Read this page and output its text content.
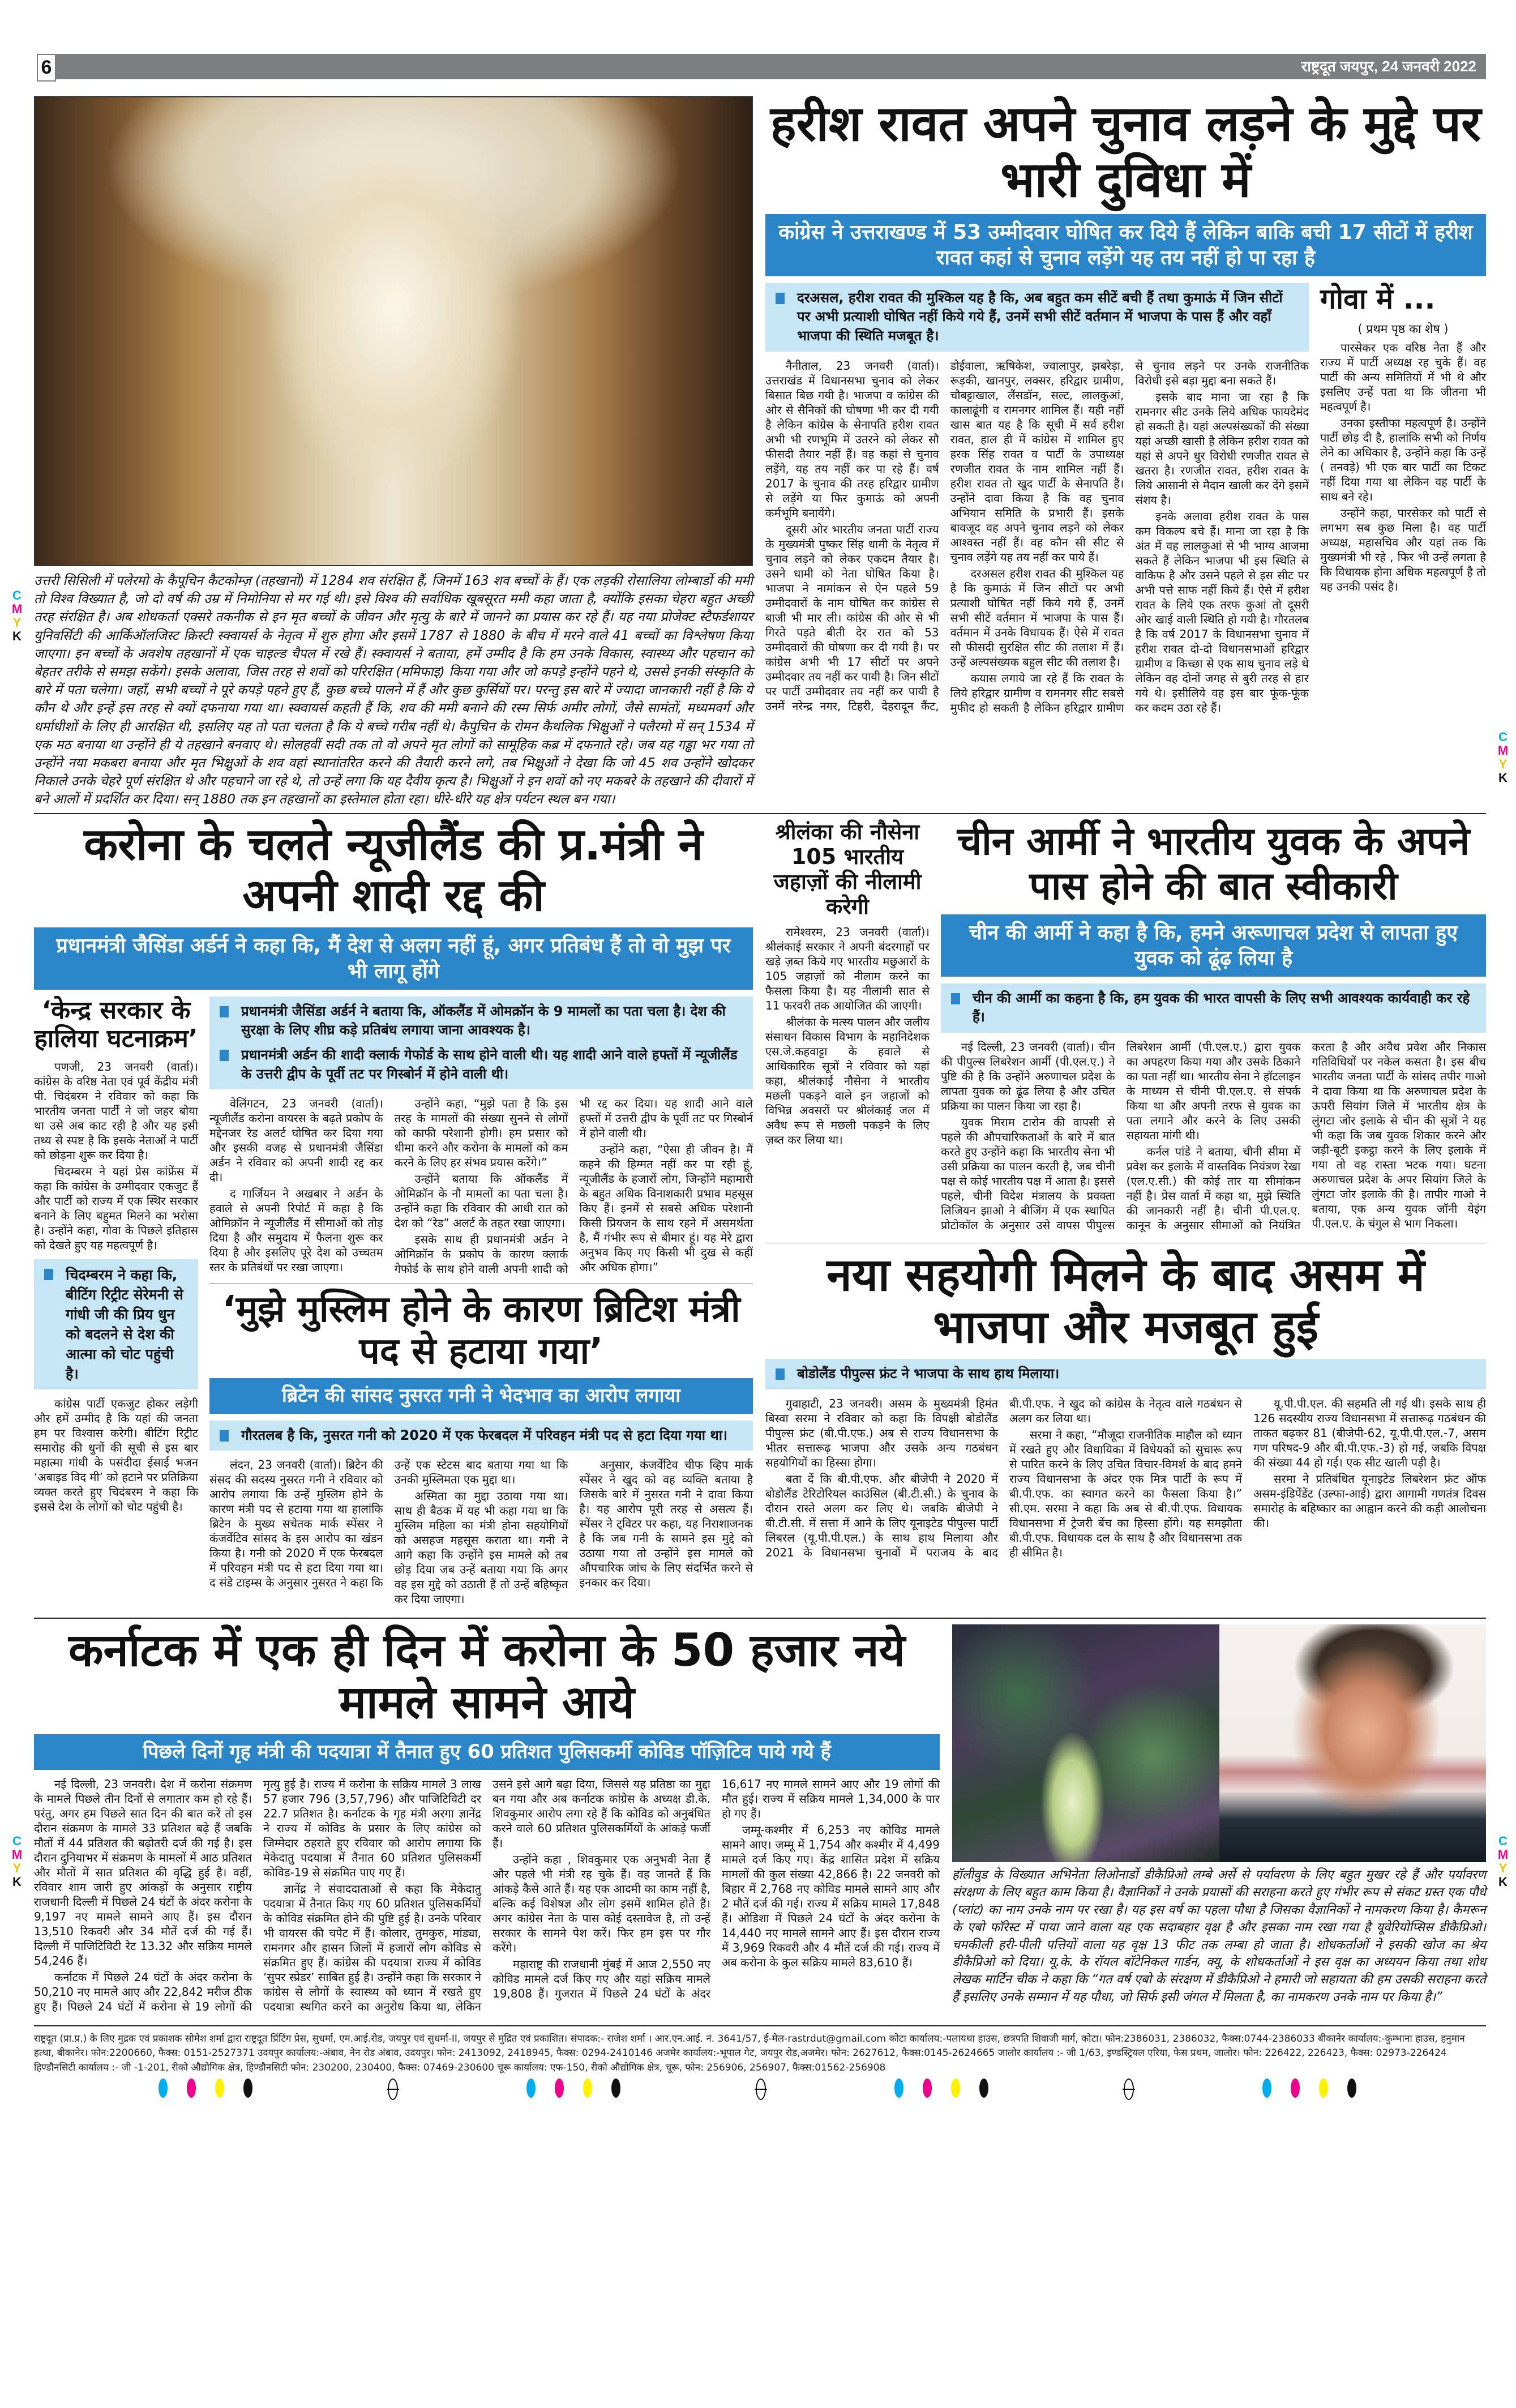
6	राष्ट्रदूत जयपुर, 24 जनवरी 2022
C
M
Y
K
C
M
Y
K
C
M
Y
K
C
M
Y
K
उत्तरी सिसिली में पलेरमो के कैपूचिन कैटकोम्ज़ (तहखानों) में 1284 शव संरक्षित हैं, जिनमें 163 शव बच्चों के हैं। एक लड़की रोसालिया लोम्बार्डो की ममी तो विश्व विख्यात है, जो दो वर्ष की उम्र में निमोनिया से मर गई थी। इसे विश्व की सर्वाधिक खूबसूरत ममी कहा जाता है, क्योंकि इसका चेहरा बहुत अच्छी तरह संरक्षित है। अब शोधकर्ता एक्सरे तकनीक से इन मृत बच्चों के जीवन और मृत्यु के बारे में जानने का प्रयास कर रहे हैं। यह नया प्रोजेक्ट स्टैफर्डशायर युनिवर्सिटी की आर्किऑलजिस्ट क्रिस्टी स्क्वायर्स के नेतृत्व में शुरु होगा और इसमें 1787 से 1880 के बीच में मरने वाले 41 बच्चों का विश्लेषण किया जाएगा। इन बच्चों के अवशेष तहखानों में एक चाइल्ड चैपल में रखे हैं। स्क्वायर्स ने बताया, हमें उम्मीद है कि हम उनके विकास, स्वास्थ्य और पहचान को बेहतर तरीके से समझ सकेंगे। इसके अलावा, जिस तरह से शवों को परिरक्षित (ममिफाइ) किया गया और जो कपड़े इन्होंने पहने थे, उससे इनकी संस्कृति के बारे में पता चलेगा। जहाँ, सभी बच्चों ने पूरे कपड़े पहने हुए हैं, कुछ बच्चे पालने में हैं और कुछ कुर्सियों पर। परन्तु इस बारे में ज्यादा जानकारी नहीं है कि ये कौन थे और इन्हें इस तरह से क्यों दफनाया गया था। स्क्वायर्स कहती हैं कि, शव की ममी बनाने की रस्म सिर्फ अमीर लोगों, जैसे सामंतों, मध्यमवर्ग और धर्माधीशों के लिए ही आरक्षित थी, इसलिए यह तो पता चलता है कि ये बच्चे गरीब नहीं थे। कैपुचिन के रोमन कैथलिक भिक्षुओं ने पलैरमो में सन् 1534 में एक मठ बनाया था उन्होंने ही ये तहखाने बनवाए थे। सोलहवीं सदी तक तो वो अपने मृत लोगों को सामूहिक कब्र में दफनाते रहे। जब यह गड्ढा भर गया तो उन्होंने नया मकबरा बनाया और मृत भिक्षुओं के शव वहां स्थानांतरित करने की तैयारी करने लगे, तब भिक्षुओं ने देखा कि जो 45 शव उन्होंने खोदकर निकाले उनके चेहरे पूर्ण संरक्षित थे और पहचाने जा रहे थे, तो उन्हें लगा कि यह दैवीय कृत्य है। भिक्षुओं ने इन शवों को नए मकबरे के तहखाने की दीवारों में बने आलों में प्रदर्शित कर दिया। सन् 1880 तक इन तहखानों का इस्तेमाल होता रहा। धीरे-धीरे यह क्षेत्र पर्यटन स्थल बन गया।
हरीश रावत अपने चुनाव लड़ने के मुद्दे पर भारी दुविधा में
कांग्रेस ने उत्तराखण्ड में 53 उम्मीदवार घोषित कर दिये हैं लेकिन बाकि बची 17 सीटों में हरीश रावत कहां से चुनाव लड़ेंगे यह तय नहीं हो पा रहा है
दरअसल, हरीश रावत की मुश्किल यह है कि, अब बहुत कम सीटें बची हैं तथा कुमाऊं में जिन सीटों पर अभी प्रत्याशी घोषित नहीं किये गये हैं, उनमें सभी सीटें वर्तमान में भाजपा के पास हैं और वहाँ भाजपा की स्थिति मजबूत है।

नैनीताल, 23 जनवरी (वार्ता)। उत्तराखंड में विधानसभा चुनाव को लेकर बिसात बिछ गयी है। भाजपा व कांग्रेस की ओर से सैनिकों की घोषणा भी कर दी गयी है लेकिन कांग्रेस के सेनापति हरीश रावत अभी भी रणभूमि में उतरने को लेकर सौ फीसदी तैयार नहीं हैं। वह कहां से चुनाव लड़ेंगे, यह तय नहीं कर पा रहे हैं। वर्ष 2017 के चुनाव की तरह हरिद्वार ग्रामीण से लड़ेंगे या फिर कुमाऊं को अपनी कर्मभूमि बनायेंगे।

दूसरी ओर भारतीय जनता पार्टी राज्य के मुख्यमंत्री पुष्कर सिंह धामी के नेतृत्व में चुनाव लड़ने को लेकर एकदम तैयार है। उसने धामी को नेता घोषित किया है। भाजपा ने नामांकन से ऐन पहले 59 उम्मीदवारों के नाम घोषित कर कांग्रेस से बाजी भी मार ली। कांग्रेस की ओर से भी गिरते पड़ते बीती देर रात को 53 उम्मीदवारों की घोषणा कर दी गयी है। पर कांग्रेस अभी भी 17 सीटों पर अपने उम्मीदवार तय नहीं कर पायी है। जिन सीटों पर पार्टी उम्मीदवार तय नहीं कर पायी है उनमें नरेन्द्र नगर, टिहरी, देहरादून कैंट, डोईवाला, ऋषिकेश, ज्वालापुर, झबरेड़ा, रूड़की, खानपुर, लक्सर, हरिद्वार ग्रामीण, चौबट्टाखाल, लैंसडॉन, सल्ट, लालकुआं, कालाढूंगी व रामनगर शामिल हैं। यही नहीं खास बात यह है कि सूची में सर्व हरीश रावत, हाल ही में कांग्रेस में शामिल हुए हरक सिंह रावत व पार्टी के उपाध्यक्ष रणजीत रावत के नाम शामिल नहीं हैं। हरीश रावत तो खुद पार्टी के सेनापति हैं। उन्होंने दावा किया है कि वह चुनाव अभियान समिति के प्रभारी हैं। इसके बावजूद वह अपने चुनाव लड़ने को लेकर आश्वस्त नहीं हैं। वह कौन सी सीट से चुनाव लड़ेंगे यह तय नहीं कर पाये हैं।

दरअसल हरीश रावत की मुश्किल यह है कि कुमाऊं में जिन सीटों पर अभी प्रत्याशी घोषित नहीं किये गये हैं, उनमें सभी सीटें वर्तमान में भाजपा के पास हैं। वर्तमान में उनके विधायक हैं। ऐसे में रावत सौ फीसदी सुरक्षित सीट की तलाश में हैं। उन्हें अल्पसंख्यक बहुल सीट की तलाश है।

कयास लगाये जा रहे हैं कि रावत के लिये हरिद्वार ग्रामीण व रामनगर सीट सबसे मुफीद हो सकती है लेकिन हरिद्वार ग्रामीण से चुनाव लड़ने पर उनके राजनीतिक विरोधी इसे बड़ा मुद्दा बना सकते हैं।

इसके बाद माना जा रहा है कि रामनगर सीट उनके लिये अधिक फायदेमंद हो सकती है। यहां अल्पसंख्यकों की संख्या यहां अच्छी खासी है लेकिन हरीश रावत को यहां से अपने धुर विरोधी रणजीत रावत से खतरा है। रणजीत रावत, हरीश रावत के लिये आसानी से मैदान खाली कर देंगे इसमें संशय है।

इनके अलावा हरीश रावत के पास कम विकल्प बचे हैं। माना जा रहा है कि अंत में वह लालकुआं से भी भाग्य आजमा सकते हैं लेकिन भाजपा भी इस स्थिति से वाकिफ है और उसने पहले से इस सीट पर अभी पत्ते साफ नहीं किये हैं। ऐसे में हरीश रावत के लिये एक तरफ कुआं तो दूसरी ओर खाई वाली स्थिति हो गयी है। गौरतलब है कि वर्ष 2017 के विधानसभा चुनाव में हरीश रावत दो-दो विधानसभाओं हरिद्वार ग्रामीण व किच्छा से एक साथ चुनाव लड़े थे लेकिन वह दोनों जगह से बुरी तरह से हार गये थे। इसीलिये वह इस बार फूंक-फूंक कर कदम उठा रहे हैं।

गोवा में ...
( प्रथम पृष्ठ का शेष )

पारसेकर एक वरिष्ठ नेता हैं और राज्य में पार्टी अध्यक्ष रह चुके हैं। वह पार्टी की अन्य समितियों में भी थे और इसलिए उन्हें पता था कि जीतना भी महत्वपूर्ण है।

उनका इस्तीफा महत्वपूर्ण है। उन्होंने पार्टी छोड़ दी है, हालांकि सभी को निर्णय लेने का अधिकार है, उन्होंने कहा कि उन्हें ( तनवड़े) भी एक बार पार्टी का टिकट नहीं दिया गया था लेकिन वह पार्टी के साथ बने रहे।

उन्होंने कहा, पारसेकर को पार्टी से लगभग सब कुछ मिला है। वह पार्टी अध्यक्ष, महासचिव और यहां तक कि मुख्यमंत्री भी रहे , फिर भी उन्हें लगता है कि विधायक होना अधिक महत्वपूर्ण है तो यह उनकी पसंद है।

करोना के चलते न्यूजीलैंड की प्र.मंत्री ने अपनी शादी रद्द की
प्रधानमंत्री जैसिंडा अर्डर्न ने कहा कि, मैं देश से अलग नहीं हूं, अगर प्रतिबंध हैं तो वो मुझ पर भी लागू होंगे
‘केन्द्र सरकार के हालिया घटनाक्रम’

पणजी, 23 जनवरी (वार्ता)। कांग्रेस के वरिष्ठ नेता एवं पूर्व केंद्रीय मंत्री पी. चिदंबरम ने रविवार को कहा कि भारतीय जनता पार्टी ने जो जहर बोया था उसे अब काट रही है और यह इसी तथ्य से स्पष्ट है कि इसके नेताओं ने पार्टी को छोड़ना शुरू कर दिया है।

चिदम्बरम ने यहां प्रेस कांफ्रेंस में कहा कि कांग्रेस के उम्मीदवार एकजुट हैं और पार्टी को राज्य में एक स्थिर सरकार बनाने के लिए बहुमत मिलने का भरोसा है। उन्होंने कहा, गोवा के पिछले इतिहास को देखते हुए यह महत्वपूर्ण है।

चिदम्बरम ने कहा कि, बीटिंग रिट्रीट सेरेमनी से गांधी जी की प्रिय धुन को बदलने से देश की आत्मा को चोट पहुंची है।

कांग्रेस पार्टी एकजुट होकर लड़ेगी और हमें उम्मीद है कि यहां की जनता हम पर विश्वास करेगी। बीटिंग रिट्रीट समारोह की धुनों की सूची से इस बार महात्मा गांधी के पसंदीदा ईसाई भजन ‘अबाइड विद मी’ को हटाने पर प्रतिक्रिया व्यक्त करते हुए चिदंबरम ने कहा कि इससे देश के लोगों को चोट पहुंची है।

प्रधानमंत्री जैसिंडा अर्डर्न ने बताया कि, ऑकलैंड में ओमक्रॉन के 9 मामलों का पता चला है। देश की सुरक्षा के लिए शीघ्र कड़े प्रतिबंध लगाया जाना आवश्यक है।
प्रधानमंत्री अर्डन की शादी क्लार्क गेफोर्ड के साथ होने वाली थी। यह शादी आने वाले हफ्तों में न्यूजीलैंड के उत्तरी द्वीप के पूर्वी तट पर गिस्बोर्न में होने वाली थी।

वेलिंगटन, 23 जनवरी (वार्ता)। न्यूजीलैंड करोना वायरस के बढ़ते प्रकोप के मद्देनजर रेड अलर्ट घोषित कर दिया गया और इसकी वजह से प्रधानमंत्री जैसिंडा अर्डन ने रविवार को अपनी शादी रद्द कर दी।

द गार्जियन ने अखबार ने अर्डन के हवाले से अपनी रिपोर्ट में कहा है कि ओमिक्रॉन ने न्यूजीलैंड में सीमाओं को तोड़ दिया है और समुदाय में फैलना शुरू कर दिया है और इसलिए पूरे देश को उच्चतम स्तर के प्रतिबंधों पर रखा जाएगा।

उन्होंने कहा, “मुझे पता है कि इस तरह के मामलों की संख्या सुनने से लोगों को काफी परेशानी होगी। हम प्रसार को धीमा करने और करोना के मामलों को कम करने के लिए हर संभव प्रयास करेंगे।”

उन्होंने बताया कि ऑकलैंड में ओमिक्रॉन के नौ मामलों का पता चला है। उन्होंने कहा कि रविवार की आधी रात को देश को “रेड” अलर्ट के तहत रखा जाएगा।

इसके साथ ही प्रधानमंत्री अर्डन ने ओमिक्रॉन के प्रकोप के कारण क्लार्क गेफोर्ड के साथ होने वाली अपनी शादी को भी रद्द कर दिया। यह शादी आने वाले हफ्तों में उत्तरी द्वीप के पूर्वी तट पर गिस्बोर्न में होने वाली थी।

उन्होंने कहा, “ऐसा ही जीवन है। मैं कहने की हिम्मत नहीं कर पा रही हूं, न्यूजीलैंड के हजारों लोग, जिन्होंने महामारी के बहुत अधिक विनाशकारी प्रभाव महसूस किए हैं। इनमें से सबसे अधिक परेशानी किसी प्रियजन के साथ रहने में असमर्थता है, मैं गंभीर रूप से बीमार हूं। यह मेरे द्वारा अनुभव किए गए किसी भी दुख से कहीं और अधिक होगा।”

‘मुझे मुस्लिम होने के कारण ब्रिटिश मंत्री पद से हटाया गया’
ब्रिटेन की सांसद नुसरत गनी ने भेदभाव का आरोप लगाया
गौरतलब है कि, नुसरत गनी को 2020 में एक फेरबदल में परिवहन मंत्री पद से हटा दिया गया था।

लंदन, 23 जनवरी (वार्ता)। ब्रिटेन की संसद की सदस्य नुसरत गनी ने रविवार को आरोप लगाया कि उन्हें मुस्लिम होने के कारण मंत्री पद से हटाया गया था हालांकि ब्रिटेन के मुख्य सचेतक मार्क स्पेंसर ने कंजर्वेटिव सांसद के इस आरोप का खंडन किया है। गनी को 2020 में एक फेरबदल में परिवहन मंत्री पद से हटा दिया गया था। द संडे टाइम्स के अनुसार नुसरत ने कहा कि उन्हें एक स्टेटस बाद बताया गया था कि उनकी मुस्लिमता एक मुद्दा था।

अस्मिता का मुद्दा उठाया गया था। साथ ही बैठक में यह भी कहा गया था कि मुस्लिम महिला का मंत्री होना सहयोगियों को असहज महसूस कराता था। गनी ने आगे कहा कि उन्होंने इस मामले को तब छोड़ दिया जब उन्हें बताया गया कि अगर वह इस मुद्दे को उठाती हैं तो उन्हें बहिष्कृत कर दिया जाएगा।

अनुसार, कंजर्वेटिव चीफ व्हिप मार्क स्पेंसर ने खुद को वह व्यक्ति बताया है जिसके बारे में नुसरत गनी ने दावा किया है। यह आरोप पूरी तरह से असत्य हैं। स्पेंसर ने ट्विटर पर कहा, यह निराशाजनक है कि जब गनी के सामने इस मुद्दे को उठाया गया तो उन्होंने इस मामले को औपचारिक जांच के लिए संदर्भित करने से इनकार कर दिया।

श्रीलंका की नौसेना 105 भारतीय जहाज़ों की नीलामी करेगी

रामेश्वरम, 23 जनवरी (वार्ता)। श्रीलंकाई सरकार ने अपनी बंदरगाहों पर खड़े ज़ब्त किये गए भारतीय मछुआरों के 105 जहाज़ों को नीलाम करने का फैसला किया है। यह नीलामी सात से 11 फरवरी तक आयोजित की जाएगी।

श्रीलंका के मत्स्य पालन और जलीय संसाधन विकास विभाग के महानिदेशक एस.जे.कहवाट्टा के हवाले से आधिकारिक सूत्रों ने रविवार को यहां कहा, श्रीलंकाई नौसेना ने भारतीय मछली पकड़ने वाले इन जहाजों को विभिन्न अवसरों पर श्रीलंकाई जल में अवैध रूप से मछली पकड़ने के लिए ज़ब्त कर लिया था।

चीन आर्मी ने भारतीय युवक के अपने पास होने की बात स्वीकारी
चीन की आर्मी ने कहा है कि, हमने अरूणाचल प्रदेश से लापता हुए युवक को ढूंढ़ लिया है
चीन की आर्मी का कहना है कि, हम युवक की भारत वापसी के लिए सभी आवश्यक कार्यवाही कर रहे हैं।

नई दिल्ली, 23 जनवरी (वार्ता)। चीन की पीपुल्स लिबरेशन आर्मी (पी.एल.ए.) ने पुष्टि की है कि उन्होंने अरुणाचल प्रदेश के लापता युवक को ढूंढ लिया है और उचित प्रक्रिया का पालन किया जा रहा है।

युवक मिराम टारोन की वापसी से पहले की औपचारिकताओं के बारे में बात करते हुए उन्होंने कहा कि भारतीय सेना भी उसी प्रक्रिया का पालन करती है, जब चीनी पक्ष से कोई भारतीय पक्ष में आता है। इससे पहले, चीनी विदेश मंत्रालय के प्रवक्ता लिजियन झाओ ने बीजिंग में एक स्थापित प्रोटोकॉल के अनुसार उसे वापस पीपुल्स लिबरेशन आर्मी (पी.एल.ए.) द्वारा युवक का अपहरण किया गया और उसके ठिकाने का पता नहीं था। भारतीय सेना ने हॉटलाइन के माध्यम से चीनी पी.एल.ए. से संपर्क किया था और अपनी तरफ से युवक का पता लगाने और करने के लिए उसकी सहायता मांगी थी।

कर्नल पांडे ने बताया, चीनी सीमा में प्रवेश कर इलाके में वास्तविक नियंत्रण रेखा (एल.ए.सी.) की कोई तार या सीमांकन नहीं है। प्रेस वार्ता में कहा था, मुझे स्थिति की जानकारी नहीं है। चीनी पी.एल.ए. कानून के अनुसार सीमाओं को नियंत्रित करता है और अवैध प्रवेश और निकास गतिविधियों पर नकेल कसता है। इस बीच भारतीय जनता पार्टी के सांसद तपीर गाओ ने दावा किया था कि अरुणाचल प्रदेश के ऊपरी सियांग जिले में भारतीय क्षेत्र के लुंगटा जोर इलाके से चीन की सूत्रों ने यह भी कहा कि जब युवक शिकार करने और जड़ी-बूटी इकट्ठा करने के लिए इलाके में गया तो वह रास्ता भटक गया। घटना अरुणाचल प्रदेश के अपर सियांग जिले के लुंगटा जोर इलाके की है। तापीर गाओ ने बताया, एक अन्य युवक जॉनी येइंग पी.एल.ए. के चंगुल से भाग निकला।

नया सहयोगी मिलने के बाद असम में भाजपा और मजबूत हुई
बोडोलैंड पीपुल्स फ्रंट ने भाजपा के साथ हाथ मिलाया।

गुवाहाटी, 23 जनवरी। असम के मुख्यमंत्री हिमंत बिस्वा सरमा ने रविवार को कहा कि विपक्षी बोडोलैंड पीपुल्स फ्रंट (बी.पी.एफ.) अब से राज्य विधानसभा के भीतर सत्तारूढ़ भाजपा और उसके अन्य गठबंधन सहयोगियों का हिस्सा होगा।

बता दें कि बी.पी.एफ. और बीजेपी ने 2020 में बोडोलैंड टेरिटोरियल काउंसिल (बी.टी.सी.) के चुनाव के दौरान रास्ते अलग कर लिए थे। जबकि बीजेपी ने बी.टी.सी. में सत्ता में आने के लिए यूनाइटेड पीपुल्स पार्टी लिबरल (यू.पी.पी.एल.) के साथ हाथ मिलाया और 2021 के विधानसभा चुनावों में पराजय के बाद बी.पी.एफ. ने खुद को कांग्रेस के नेतृत्व वाले गठबंधन से अलग कर लिया था।

सरमा ने कहा, “मौजूदा राजनीतिक माहौल को ध्यान में रखते हुए और विधायिका में विधेयकों को सुचारू रूप से पारित करने के लिए उचित विचार-विमर्श के बाद हमने राज्य विधानसभा के अंदर एक मित्र पार्टी के रूप में बी.पी.एफ. का स्वागत करने का फैसला किया है।” सी.एम. सरमा ने कहा कि अब से बी.पी.एफ. विधायक विधानसभा में ट्रेजरी बेंच का हिस्सा होंगे। यह समझौता बी.पी.एफ. विधायक दल के साथ है और विधानसभा तक ही सीमित है।

यू.पी.पी.एल. की सहमति ली गई थी। इसके साथ ही 126 सदस्यीय राज्य विधानसभा में सत्तारूढ़ गठबंधन की ताकत बढ़कर 81 (बीजेपी-62, यू.पी.पी.एल.-7, असम गण परिषद-9 और बी.पी.एफ.-3) हो गई, जबकि विपक्ष की संख्या 44 हो गई। एक सीट खाली पड़ी है।

सरमा ने प्रतिबंधित यूनाइटेड लिबरेशन फ्रंट ऑफ असम-इंडिपेंडेंट (उल्फा-आई) द्वारा आगामी गणतंत्र दिवस समारोह के बहिष्कार का आह्वान करने की कड़ी आलोचना की।

कर्नाटक में एक ही दिन में करोना के 50 हजार नये मामले सामने आये
पिछले दिनों गृह मंत्री की पदयात्रा में तैनात हुए 60 प्रतिशत पुलिसकर्मी कोविड पॉज़िटिव पाये गये हैं

नई दिल्ली, 23 जनवरी। देश में करोना संक्रमण के मामले पिछले तीन दिनों से लगातार कम हो रहे हैं। परंतु, अगर हम पिछले सात दिन की बात करें तो इस दौरान संक्रमण के मामले 33 प्रतिशत बढ़े हैं जबकि मौतों में 44 प्रतिशत की बढ़ोतरी दर्ज की गई है। इस दौरान दुनियाभर में संक्रमण के मामलों में आठ प्रतिशत और मौतों में सात प्रतिशत की वृद्धि हुई है। वहीं, रविवार शाम जारी हुए आंकड़ों के अनुसार राष्ट्रीय राजधानी दिल्ली में पिछले 24 घंटों के अंदर करोना के 9,197 नए मामले सामने आए हैं। इस दौरान 13,510 रिकवरी और 34 मौतें दर्ज की गई हैं। दिल्ली में पाजिटिविटी रेट 13.32 और सक्रिय मामले 54,246 हैं।

कर्नाटक में पिछले 24 घंटों के अंदर करोना के 50,210 नए मामले आए और 22,842 मरीज ठीक हुए हैं। पिछले 24 घंटों में करोना से 19 लोगों की मृत्यु हुई है। राज्य में करोना के सक्रिय मामले 3 लाख 57 हजार 796 (3,57,796) और पाजिटिविटी दर 22.7 प्रतिशत है। कर्नाटक के गृह मंत्री अरगा ज्ञानेंद्र ने राज्य में कोविड के प्रसार के लिए कांग्रेस को जिम्मेदार ठहराते हुए रविवार को आरोप लगाया कि मेकेदातु पदयात्रा में तैनात 60 प्रतिशत पुलिसकर्मी कोविड-19 से संक्रमित पाए गए हैं।

ज्ञानेंद्र ने संवाददाताओं से कहा कि मेकेदातु पदयात्रा में तैनात किए गए 60 प्रतिशत पुलिसकर्मियों के कोविड संक्रमित होने की पुष्टि हुई है। उनके परिवार भी वायरस की चपेट में हैं। कोलार, तुमकुरु, मांड्या, रामनगर और हासन जिलों में हजारों लोग कोविड से संक्रमित हुए हैं। कांग्रेस की पदयात्रा राज्य में कोविड ‘सुपर स्प्रेडर’ साबित हुई है। उन्होंने कहा कि सरकार ने कांग्रेस से लोगों के स्वास्थ्य को ध्यान में रखते हुए पदयात्रा स्थगित करने का अनुरोध किया था, लेकिन उसने इसे आगे बढ़ा दिया, जिससे यह प्रतिष्ठा का मुद्दा बन गया और अब कर्नाटक कांग्रेस के अध्यक्ष डी.के. शिवकुमार आरोप लगा रहे हैं कि कोविड को अनुबंधित करने वाले 60 प्रतिशत पुलिसकर्मियों के आंकड़े फर्जी हैं।

उन्होंने कहा , शिवकुमार एक अनुभवी नेता हैं और पहले भी मंत्री रह चुके हैं। वह जानते हैं कि आंकड़े कैसे आते हैं। यह एक आदमी का काम नहीं है, बल्कि कई विशेषज्ञ और लोग इसमें शामिल होते हैं। अगर कांग्रेस नेता के पास कोई दस्तावेज है, तो उन्हें सरकार के सामने पेश करें। फिर हम इस पर गौर करेंगे।

महाराष्ट्र की राजधानी मुंबई में आज 2,550 नए कोविड मामले दर्ज किए गए और यहां सक्रिय मामले 19,808 हैं। गुजरात में पिछले 24 घंटों के अंदर 16,617 नए मामले सामने आए और 19 लोगों की मौत हुई। राज्य में सक्रिय मामले 1,34,000 के पार हो गए हैं।

जम्मू-कश्मीर में 6,253 नए कोविड मामले सामने आए। जम्मू में 1,754 और कश्मीर में 4,499 मामले दर्ज किए गए। केंद्र शासित प्रदेश में सक्रिय मामलों की कुल संख्या 42,866 है। 22 जनवरी को बिहार में 2,768 नए कोविड मामले सामने आए और 2 मौतें दर्ज की गई। राज्य में सक्रिय मामले 17,848 हैं। ओडिशा में पिछले 24 घंटों के अंदर करोना के 14,440 नए मामले सामने आए हैं। इस दौरान राज्य में 3,969 रिकवरी और 4 मौतें दर्ज की गई। राज्य में अब करोना के कुल सक्रिय मामले 83,610 हैं।

हॉलीवुड के विख्यात अभिनेता लिओनार्डो डीकैप्रिओ लम्बे अर्से से पर्यावरण के लिए बहुत मुखर रहे हैं और पर्यावरण संरक्षण के लिए बहुत काम किया है। वैज्ञानिकों ने उनके प्रयासों की सराहना करते हुए गंभीर रूप से संकट ग्रस्त एक पौधे (प्लांट) का नाम उनके नाम पर रखा है। यह इस वर्ष का पहला पौधा है जिसका वैज्ञानिकों ने नामकरण किया है। कैमरून के एबो फॉरेस्ट में पाया जाने वाला यह एक सदाबहार वृक्ष है और इसका नाम रखा गया है यूवेरियोप्सिस डीकैप्रिओ। चमकीली हरी-पीली पत्तियों वाला यह वृक्ष 13 फीट तक लम्बा हो जाता है। शोधकर्ताओं ने इसकी खोज का श्रेय डीकैप्रिओ को दिया। यू.के. के रॉयल बॉटेनिकल गार्डन, क्यू, के शोधकर्ताओं ने इस वृक्ष का अध्ययन किया तथा शोध लेखक मार्टिन चीक ने कहा कि “गत वर्ष एबो के संरक्षण में डीकैप्रिओ ने हमारी जो सहायता की हम उसकी सराहना करते हैं इसलिए उनके सम्मान में यह पौधा, जो सिर्फ इसी जंगल में मिलता है, का नामकरण उनके नाम पर किया है।”
राष्ट्रदूत (प्रा.प्र.) के लिए मुद्रक एवं प्रकाशक सोमेश शर्मा द्वारा राष्ट्रदूत प्रिंटिंग प्रेस, सुधर्मा, एम.आई.रोड, जयपुर एवं सुधर्मा-II, जयपुर से मुद्रित एवं प्रकाशित। संपादक:- राजेश शर्मा । आर.एन.आई. नं. 3641/57, ई-मेल-rastrdut@gmail.com कोटा कार्यालय:-पलायथा हाउस, छत्रपति शिवाजी मार्ग, कोटा। फोन:2386031, 2386032, फैक्स:0744-2386033 बीकानेर कार्यालय:-कुम्भाना हाउस, हनुमान हत्था, बीकानेर। फोन:2200660, फैक्स: 0151-2527371 उदयपुर कार्यालय:-अंबाव, नेन रोड अंबाव, उदयपुर। फोन: 2413092, 2418945, फैक्स: 0294-2410146 अजमेर कार्यालय:-भूपाल गेट, जयपुर रोड,अजमेर। फोन: 2627612, फैक्स:0145-2624665 जालोर कार्यालय :- जी 1/63, इण्डस्ट्रियल एरिया, फेस प्रथम, जालोर। फोन: 226422, 226423, फैक्स: 02973-226424 हिण्डौनसिटी कार्यालय :- जी -1-201, रीको औद्योगिक क्षेत्र, हिण्डौनसिटी फोन: 230200, 230400, फैक्स: 07469-230600 चूरू कार्यालय: एफ-150, रीको औद्योगिक क्षेत्र, चूरू, फोन: 256906, 256907, फैक्स:01562-256908
